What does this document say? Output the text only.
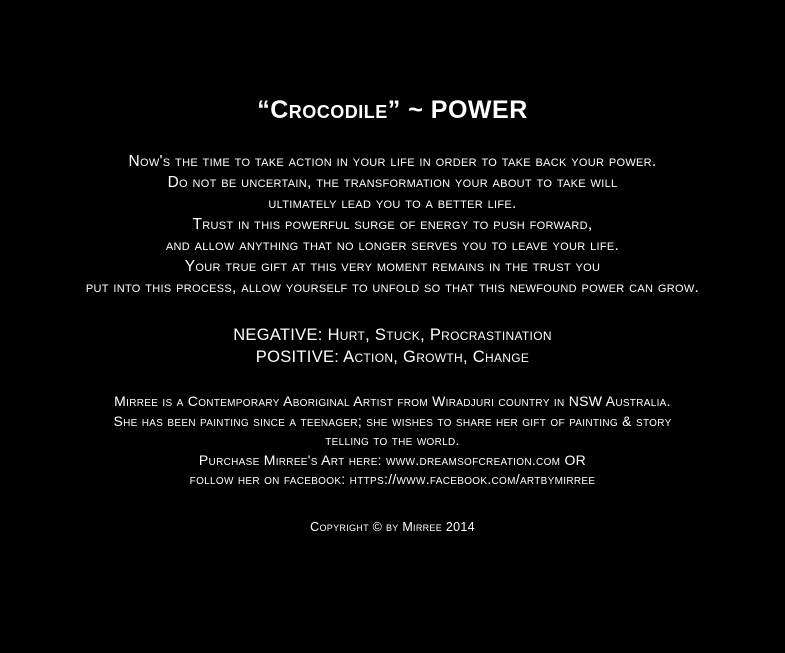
“Crocodile” ~ POWER
Now's the time to take action in your life in order to take back your power.
Do not be uncertain, the transformation your about to take will
ultimately lead you to a better life.
Trust in this powerful surge of energy to push forward,
and allow anything that no longer serves you to leave your life.
Your true gift at this very moment remains in the trust you
put into this process, allow yourself to unfold so that this newfound power can grow.
NEGATIVE: Hurt, Stuck, Procrastination
POSITIVE: Action, Growth, Change
Mirree is a Contemporary Aboriginal Artist from Wiradjuri country in NSW Australia.
She has been painting since a teenager; she wishes to share her gift of painting & story
telling to the world.
Purchase Mirree's Art here: www.dreamsofcreation.com OR
follow her on facebook: https://www.facebook.com/artbymirree
Copyright © by Mirree 2014
